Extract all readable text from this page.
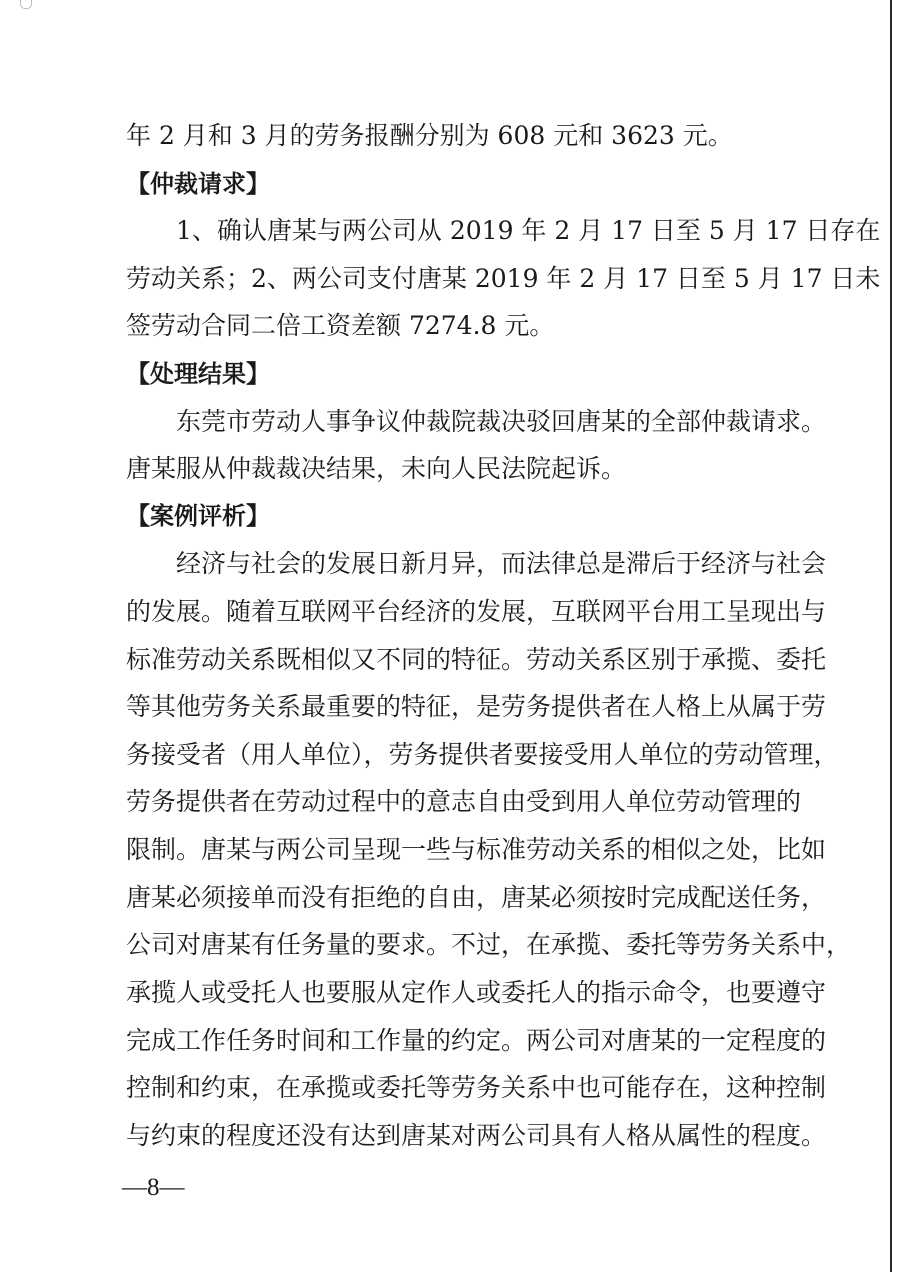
年 2 月和 3 月的劳务报酬分别为 608 元和 3623 元。
【仲裁请求】
1、确认唐某与两公司从 2019 年 2 月 17 日至 5 月 17 日存在
劳动关系；2、两公司支付唐某 2019 年 2 月 17 日至 5 月 17 日未
签劳动合同二倍工资差额 7274.8 元。
【处理结果】
东莞市劳动人事争议仲裁院裁决驳回唐某的全部仲裁请求。
唐某服从仲裁裁决结果，未向人民法院起诉。
【案例评析】
经济与社会的发展日新月异，而法律总是滞后于经济与社会
的发展。随着互联网平台经济的发展，互联网平台用工呈现出与
标准劳动关系既相似又不同的特征。劳动关系区别于承揽、委托
等其他劳务关系最重要的特征，是劳务提供者在人格上从属于劳
务接受者（用人单位），劳务提供者要接受用人单位的劳动管理，
劳务提供者在劳动过程中的意志自由受到用人单位劳动管理的
限制。唐某与两公司呈现一些与标准劳动关系的相似之处，比如
唐某必须接单而没有拒绝的自由，唐某必须按时完成配送任务，
公司对唐某有任务量的要求。不过，在承揽、委托等劳务关系中，
承揽人或受托人也要服从定作人或委托人的指示命令，也要遵守
完成工作任务时间和工作量的约定。两公司对唐某的一定程度的
控制和约束，在承揽或委托等劳务关系中也可能存在，这种控制
与约束的程度还没有达到唐某对两公司具有人格从属性的程度。
—8—
